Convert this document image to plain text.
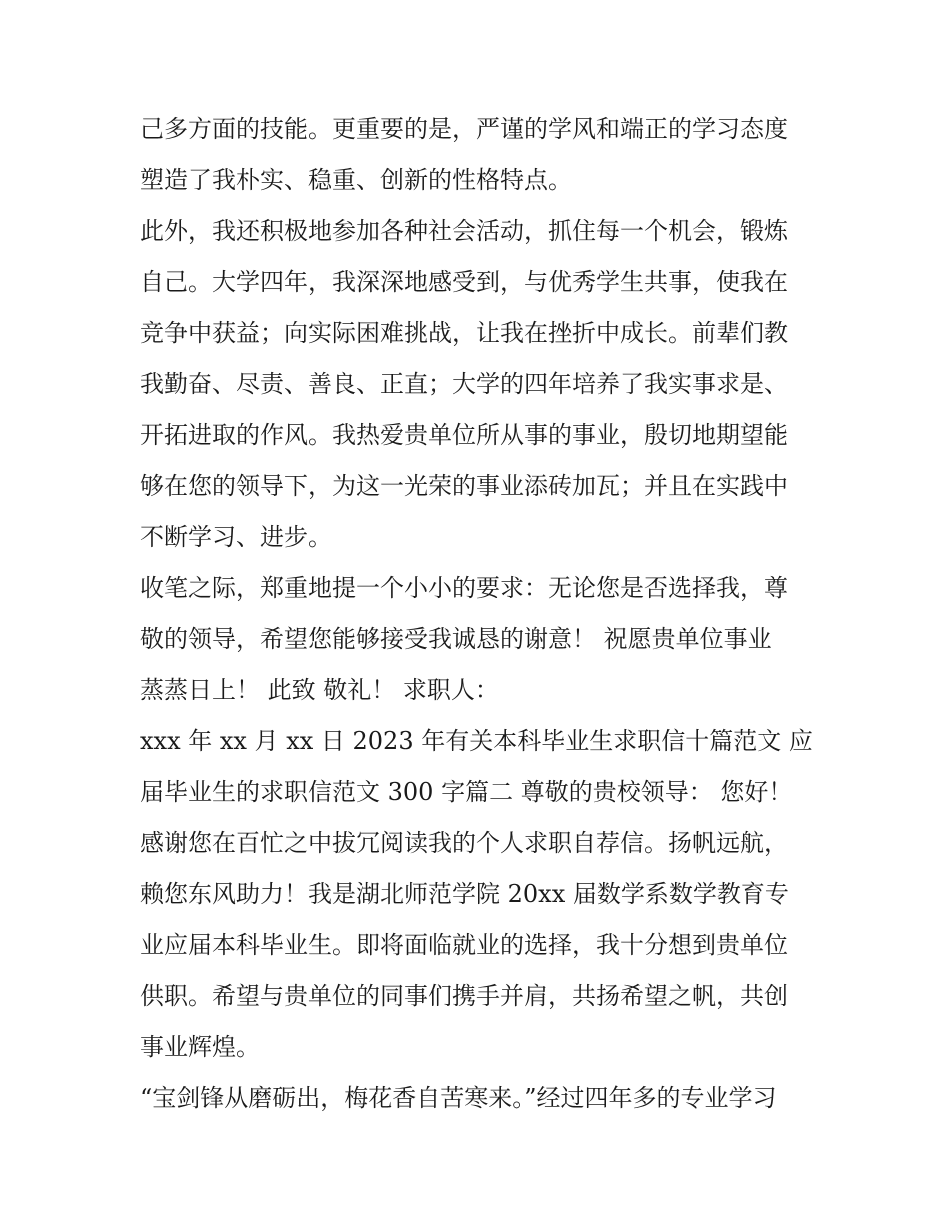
己多方面的技能。更重要的是，严谨的学风和端正的学习态度
塑造了我朴实、稳重、创新的性格特点。
此外，我还积极地参加各种社会活动，抓住每一个机会，锻炼
自己。大学四年，我深深地感受到，与优秀学生共事，使我在
竞争中获益；向实际困难挑战，让我在挫折中成长。前辈们教
我勤奋、尽责、善良、正直；大学的四年培养了我实事求是、
开拓进取的作风。我热爱贵单位所从事的事业，殷切地期望能
够在您的领导下，为这一光荣的事业添砖加瓦；并且在实践中
不断学习、进步。
收笔之际，郑重地提一个小小的要求：无论您是否选择我，尊
敬的领导，希望您能够接受我诚恳的谢意！ 祝愿贵单位事业
蒸蒸日上！ 此致 敬礼！ 求职人：
xxx 年 xx 月 xx 日 2023 年有关本科毕业生求职信十篇范文 应
届毕业生的求职信范文 300 字篇二 尊敬的贵校领导： 您好！
感谢您在百忙之中拔冗阅读我的个人求职自荐信。扬帆远航，
赖您东风助力！我是湖北师范学院 20xx 届数学系数学教育专
业应届本科毕业生。即将面临就业的选择，我十分想到贵单位
供职。希望与贵单位的同事们携手并肩，共扬希望之帆，共创
事业辉煌。
“宝剑锋从磨砺出，梅花香自苦寒来。”经过四年多的专业学习
